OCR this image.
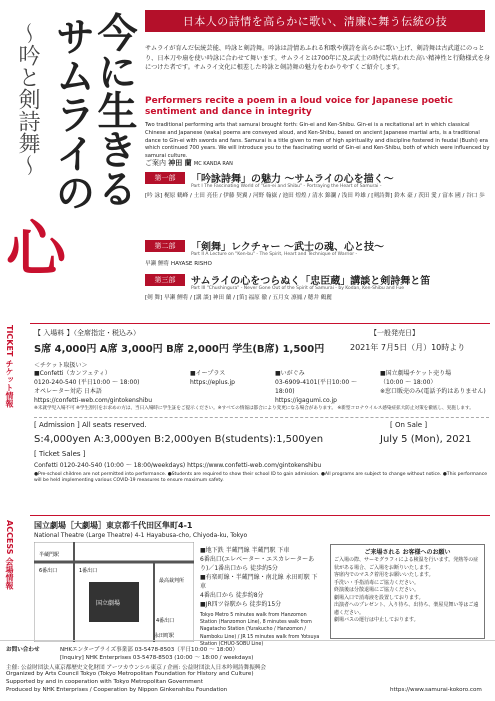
今に生きる
サムライの
〜吟と剣詩舞〜
心
日本人の詩情を高らかに歌い、清廉に舞う伝統の技
サムライが育んだ伝統芸能、吟詠と剣詩舞。吟詠は詩情あふれる和歌や漢詩を高らかに歌い上げ、剣詩舞は古武道にのっとり、日本刀や扇を使い吟詠に合わせて舞います。サムライとは700年に及ぶ武士の時代に培われた高い精神性と行動様式を身につけた者です。サムライ文化に根差した吟詠と剣詩舞の魅力をわかりやすくご紹介します。
Performers recite a poem in a loud voice for Japanese poetic sentiment and dance in integrity
Two traditional performing arts that samurai brought forth: Gin-ei and Ken-Shibu. Gin-ei is a recitational art in which classical Chinese and Japanese (waka) poems are conveyed aloud, and Ken-Shibu, based on ancient Japanese martial arts, is a traditional dance to Gin-ei with swords and fans. Samurai is a title given to men of high spirituality and discipline fostered in feudal (Bushi) era which continued 700 years. We will introduce you to the fascinating world of Gin-ei and Ken-Shibu, both of which were influenced by samurai culture.
ご案内 神田 蘭 MC KANDA RAN
第一部	「吟詠詩舞」の魅力 〜サムライの心を描く〜
Part I The Fascinating World of "Gin-ei and Shibu" - Portraying the Heart of Samurai -
[吟 詠] 梶原 鶴峰 / 土田 亮佳 / 伊藤 契翼 / 河野 翰嶽 / 池田 煌煌 / 清水 錦瀾 / 浅田 吟雄 / [剣詩舞] 鈴木 豪 / 茨田 愛 / 富本 國 / 谷口 歩
第二部	「剣舞」レクチャー 〜武士の魂、心と技〜
Part II A Lecture on "Ken-bu" - The Spirit, Heart and Technique of Warrior -
早瀬 鯉将 HAYASE RISHO
第三部	サムライの心をつらぬく「忠臣蔵」講談と剣詩舞と笛
Part III "Chushingura" - Never Gone Out of the Spirit of Samurai - by Kodan, Ken-Shibu and Fue
[剣 舞] 早瀬 鯉将 / [講 談] 神田 蘭 / [笛] 福原 徹 / 五月女 凛鳳 / 穂井 鶴麗
TICKET チケット情報	【 入場料 】（全席指定・税込み）
S席 4,000円 A席 3,000円 B席 2,000円 学生(B席) 1,500円
【一般発売日】
2021年 7月5日（月）10時より
＜チケット取扱い＞
■Confetti（カンフェティ）
0120-240-540 (平日10:00 〜 18:00)
オペレーター対応 日本語
https://confetti-web.com/gintokenshibu
■イープラス
https://eplus.jp
■いがぐみ
03-6909-4101(平日10:00 〜 18:00)
https://igagumi.co.jp
■国立劇場チケット売り場
（10:00 〜 18:00）
※窓口販売のみ(電話予約はありません)
※未就学児入場不可 ※学生割引をお求めの方は、当日入場時に学生証をご提示ください。※すべての情報は都合により変更になる場合があります。 ※新型コロナウイルス感染症拡大防止対策を徹底し、実施します。
[ Admission ] All seats reserved.	[ On Sale ]
S:4,000yen A:3,000yen B:2,000yen B(students):1,500yen	July 5 (Mon), 2021
[ Ticket Sales ]
Confetti 0120-240-540 (10:00 〜 18:00/weekdays) https://www.confetti-web.com/gintokenshibu
●Pre-school children are not permitted into performance. ●Students are required to show their school ID to gain admission. ●All programs are subject to change without notice. ●This performance will be held implementing various COVID-19 measures to ensure maximum safety.
ACCESS 会場情報	国立劇場［大劇場］東京都千代田区隼町4-1
National Theatre (Large Theatre) 4-1 Hayabusa-cho, Chiyoda-ku, Tokyo
国立劇場
半蔵門駅
永田町駅
最高裁判所
1番出口
6番出口
4番出口
■地下鉄 半蔵門線 半蔵門駅 下車
6番出口(エレベーター・エスカレーターあり)／1番出口から 徒歩約5分
■有楽町線・半蔵門線・南北線 永田町駅 下車
4番出口から 徒歩約8分
■JR四ツ谷駅から 徒歩約15分
Tokyo Metro 5 minutes walk from Hanzomon Station (Hanzomon Line), 8 minutes walk from Nagatacho Station (Yurakucho / Hanzomon / Namboku Line) / JR 15 minutes walk from Yotsuya Station (CHUO·SOBU Line)
ご来場される お客様へのお願い
ご入場の際、サーモグラフィによる検温を行います。発熱等の症状がある場合、ご入場をお断りいたします。
客席内でのマスク着用をお願いいたします。
手洗い・手指消毒にご協力ください。
終演後は分散退場にご協力ください。
劇場入口で消毒液を設置しております。
出演者へのプレゼント、入り待ち、出待ち、楽屋見舞い等はご遠慮ください。
劇場バスの運行は中止しております。
お問い合わせ	NHKエンタープライズ事業部 03-5478-8503（平日10:00 〜 18:00）
[Inquiry] NHK Enterprises 03-5478-8503 (10:00 〜 18:00 / weekdays)
主催: 公益財団法人東京都歴史文化財団 アーツカウンシル東京 / 企画: 公益財団法人日本吟剣詩舞振興会
Organized by Arts Council Tokyo (Tokyo Metropolitan Foundation for History and Culture)
Supported by and in cooperation with Tokyo Metropolitan Government
Produced by NHK Enterprises / Cooperation by Nippon Ginkenshibu Foundation	https://www.samurai-kokoro.com
